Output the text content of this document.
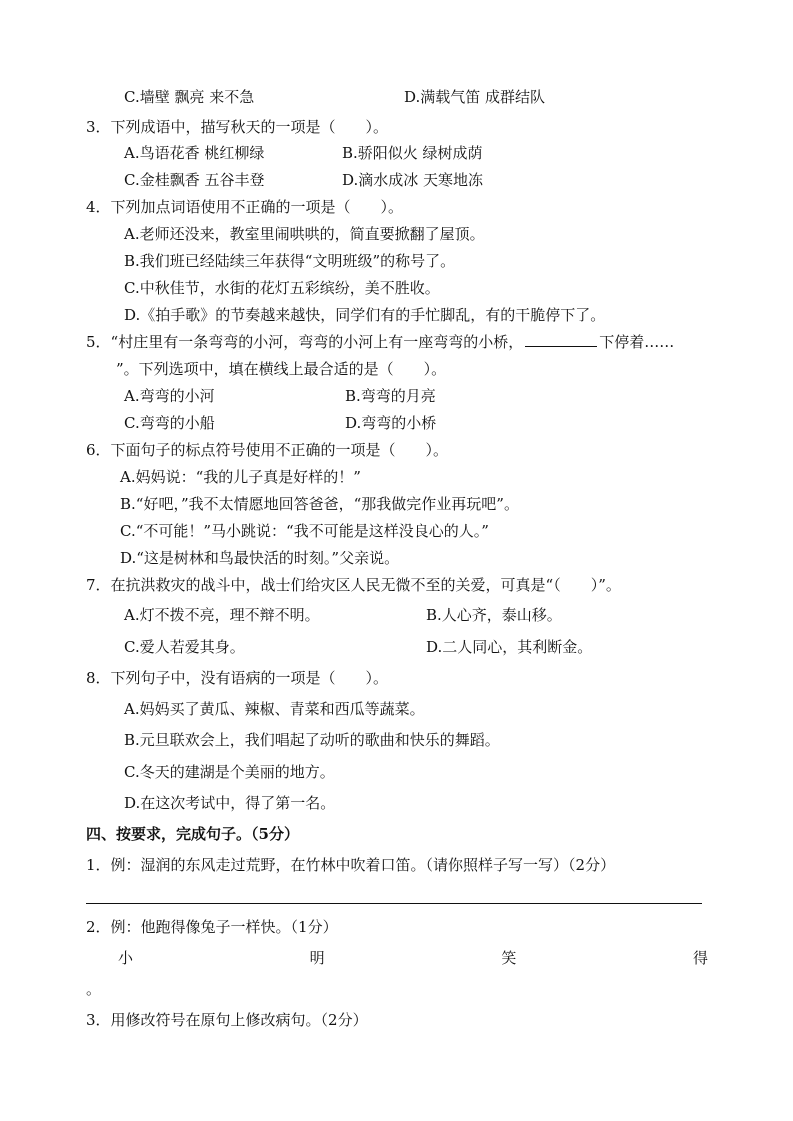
C.墙壁 飘亮 来不急	D.满载气笛 成群结队
3．下列成语中，描写秋天的一项是（　　）。
A.鸟语花香 桃红柳绿	B.骄阳似火 绿树成荫
C.金桂飘香 五谷丰登	D.滴水成冰 天寒地冻
4．下列加点词语使用不正确的一项是（　　）。
A.老师还没来，教室里闹哄哄的，简直要掀翻了屋顶。
B.我们班已经陆续三年获得“文明班级”的称号了。
C.中秋佳节，水街的花灯五彩缤纷，美不胜收。
D.《拍手歌》的节奏越来越快，同学们有的手忙脚乱，有的干脆停下了。
5．“村庄里有一条弯弯的小河，弯弯的小河上有一座弯弯的小桥，	下停着……
”。下列选项中，填在横线上最合适的是（　　）。
A.弯弯的小河	B.弯弯的月亮
C.弯弯的小船	D.弯弯的小桥
6．下面句子的标点符号使用不正确的一项是（　　）。
A.妈妈说：“我的儿子真是好样的！”
B.“好吧，”我不太情愿地回答爸爸，“那我做完作业再玩吧”。
C.“不可能！”马小跳说：“我不可能是这样没良心的人。”
D.“这是树林和鸟最快活的时刻。”父亲说。
7．在抗洪救灾的战斗中，战士们给灾区人民无微不至的关爱，可真是“（　　）”。
A.灯不拨不亮，理不辩不明。	B.人心齐，泰山移。
C.爱人若爱其身。	D.二人同心，其利断金。
8．下列句子中，没有语病的一项是（　　）。
A.妈妈买了黄瓜、辣椒、青菜和西瓜等蔬菜。
B.元旦联欢会上，我们唱起了动听的歌曲和快乐的舞蹈。
C.冬天的建湖是个美丽的地方。
D.在这次考试中，得了第一名。
四、按要求，完成句子。（5分）
1．例：湿润的东风走过荒野，在竹林中吹着口笛。（请你照样子写一写）（2分）
2．例：他跑得像兔子一样快。（1分）
小	明	笑	得
。
3．用修改符号在原句上修改病句。（2分）
